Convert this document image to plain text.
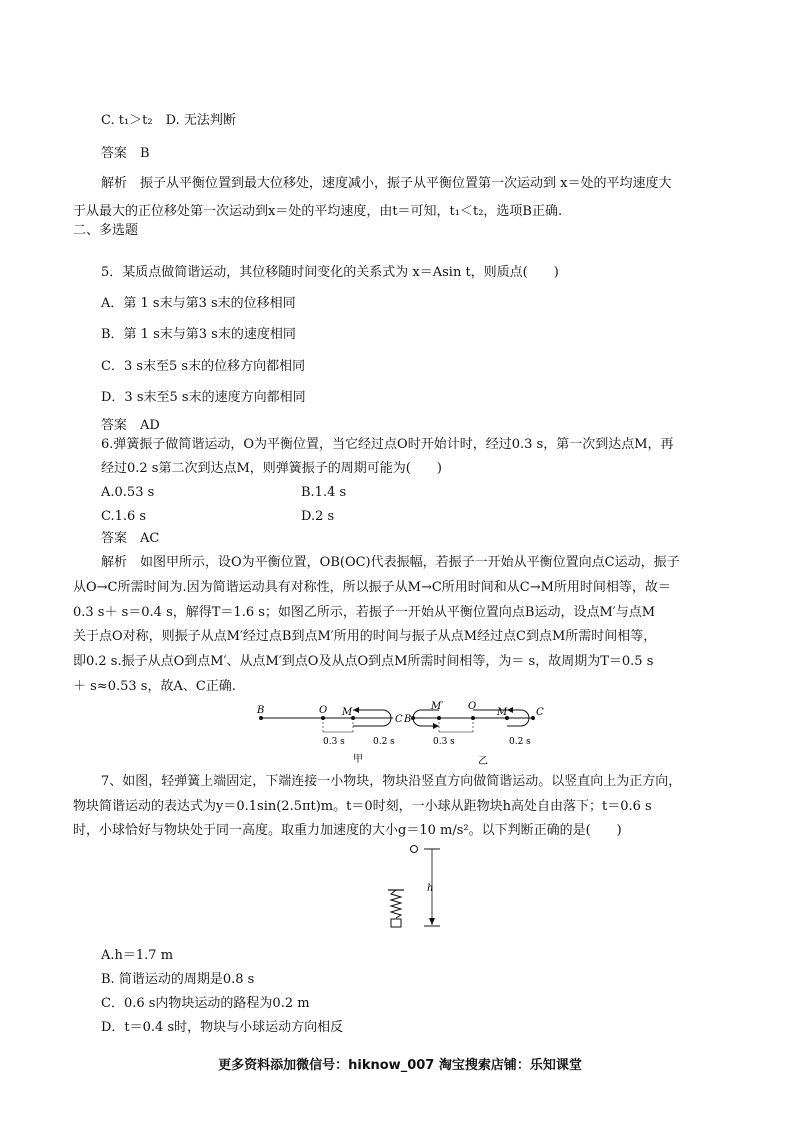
C. t₁＞t₂　D. 无法判断
答案　B
解析　振子从平衡位置到最大位移处，速度减小，振子从平衡位置第一次运动到 x＝处的平均速度大
于从最大的正位移处第一次运动到x＝处的平均速度，由t＝可知，t₁＜t₂，选项B正确.
二、多选题
5．某质点做简谐运动，其位移随时间变化的关系式为 x＝Asin t，则质点(　　)
A．第 1 s末与第3 s末的位移相同
B．第 1 s末与第3 s末的速度相同
C．3 s末至5 s末的位移方向都相同
D．3 s末至5 s末的速度方向都相同
答案　AD
6.弹簧振子做简谐运动，O为平衡位置，当它经过点O时开始计时，经过0.3 s，第一次到达点M，再
经过0.2 s第二次到达点M，则弹簧振子的周期可能为(　　)
A.0.53 s	B.1.4 s
C.1.6 s	D.2 s
答案　AC
解析　如图甲所示，设O为平衡位置，OB(OC)代表振幅，若振子一开始从平衡位置向点C运动，振子
从O→C所需时间为.因为简谐运动具有对称性，所以振子从M→C所用时间和从C→M所用时间相等，故＝
0.3 s＋ s＝0.4 s，解得T＝1.6 s；如图乙所示，若振子一开始从平衡位置向点B运动，设点M′与点M
关于点O对称，则振子从点M′经过点B到点M′所用的时间与振子从点M经过点C到点M所需时间相等，
即0.2 s.振子从点O到点M′、从点M′到点O及从点O到点M所需时间相等，为＝ s，故周期为T＝0.5 s
＋ s≈0.53 s，故A、C正确.
B	O M
C
0.3 s	0.2 s
甲
B
M′ O
M	C
0.3 s	0.2 s
乙
7、如图，轻弹簧上端固定，下端连接一小物块，物块沿竖直方向做简谐运动。以竖直向上为正方向，
物块简谐运动的表达式为y＝0.1sin(2.5πt)m。t＝0时刻，一小球从距物块h高处自由落下；t＝0.6 s
时，小球恰好与物块处于同一高度。取重力加速度的大小g＝10 m/s²。以下判断正确的是(　　)
h
A.h＝1.7 m
B. 简谐运动的周期是0.8 s
C．0.6 s内物块运动的路程为0.2 m
D．t＝0.4 s时，物块与小球运动方向相反
更多资料添加微信号：hiknow_007 淘宝搜索店铺：乐知课堂
